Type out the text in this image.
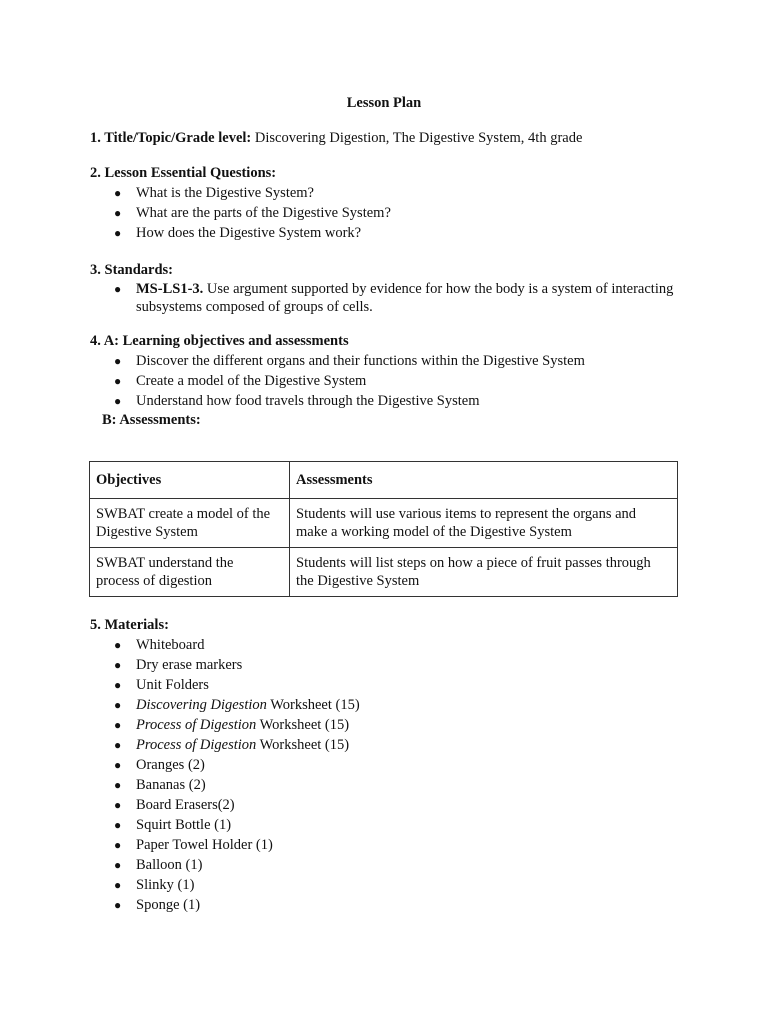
Lesson Plan
1. Title/Topic/Grade level: Discovering Digestion, The Digestive System, 4th grade
2. Lesson Essential Questions:
● What is the Digestive System?
● What are the parts of the Digestive System?
● How does the Digestive System work?
3. Standards:
● MS-LS1-3. Use argument supported by evidence for how the body is a system of interacting
subsystems composed of groups of cells.
4. A: Learning objectives and assessments
● Discover the different organs and their functions within the Digestive System
● Create a model of the Digestive System
● Understand how food travels through the Digestive System
B: Assessments:
Objectives	Assessments
SWBAT create a model of the
Digestive System	Students will use various items to represent the organs and
make a working model of the Digestive System
SWBAT understand the
process of digestion	Students will list steps on how a piece of fruit passes through
the Digestive System
5. Materials:
● Whiteboard
● Dry erase markers
● Unit Folders
● Discovering Digestion Worksheet (15)
● Process of Digestion Worksheet (15)
● Process of Digestion Worksheet (15)
● Oranges (2)
● Bananas (2)
● Board Erasers(2)
● Squirt Bottle (1)
● Paper Towel Holder (1)
● Balloon (1)
● Slinky (1)
● Sponge (1)
